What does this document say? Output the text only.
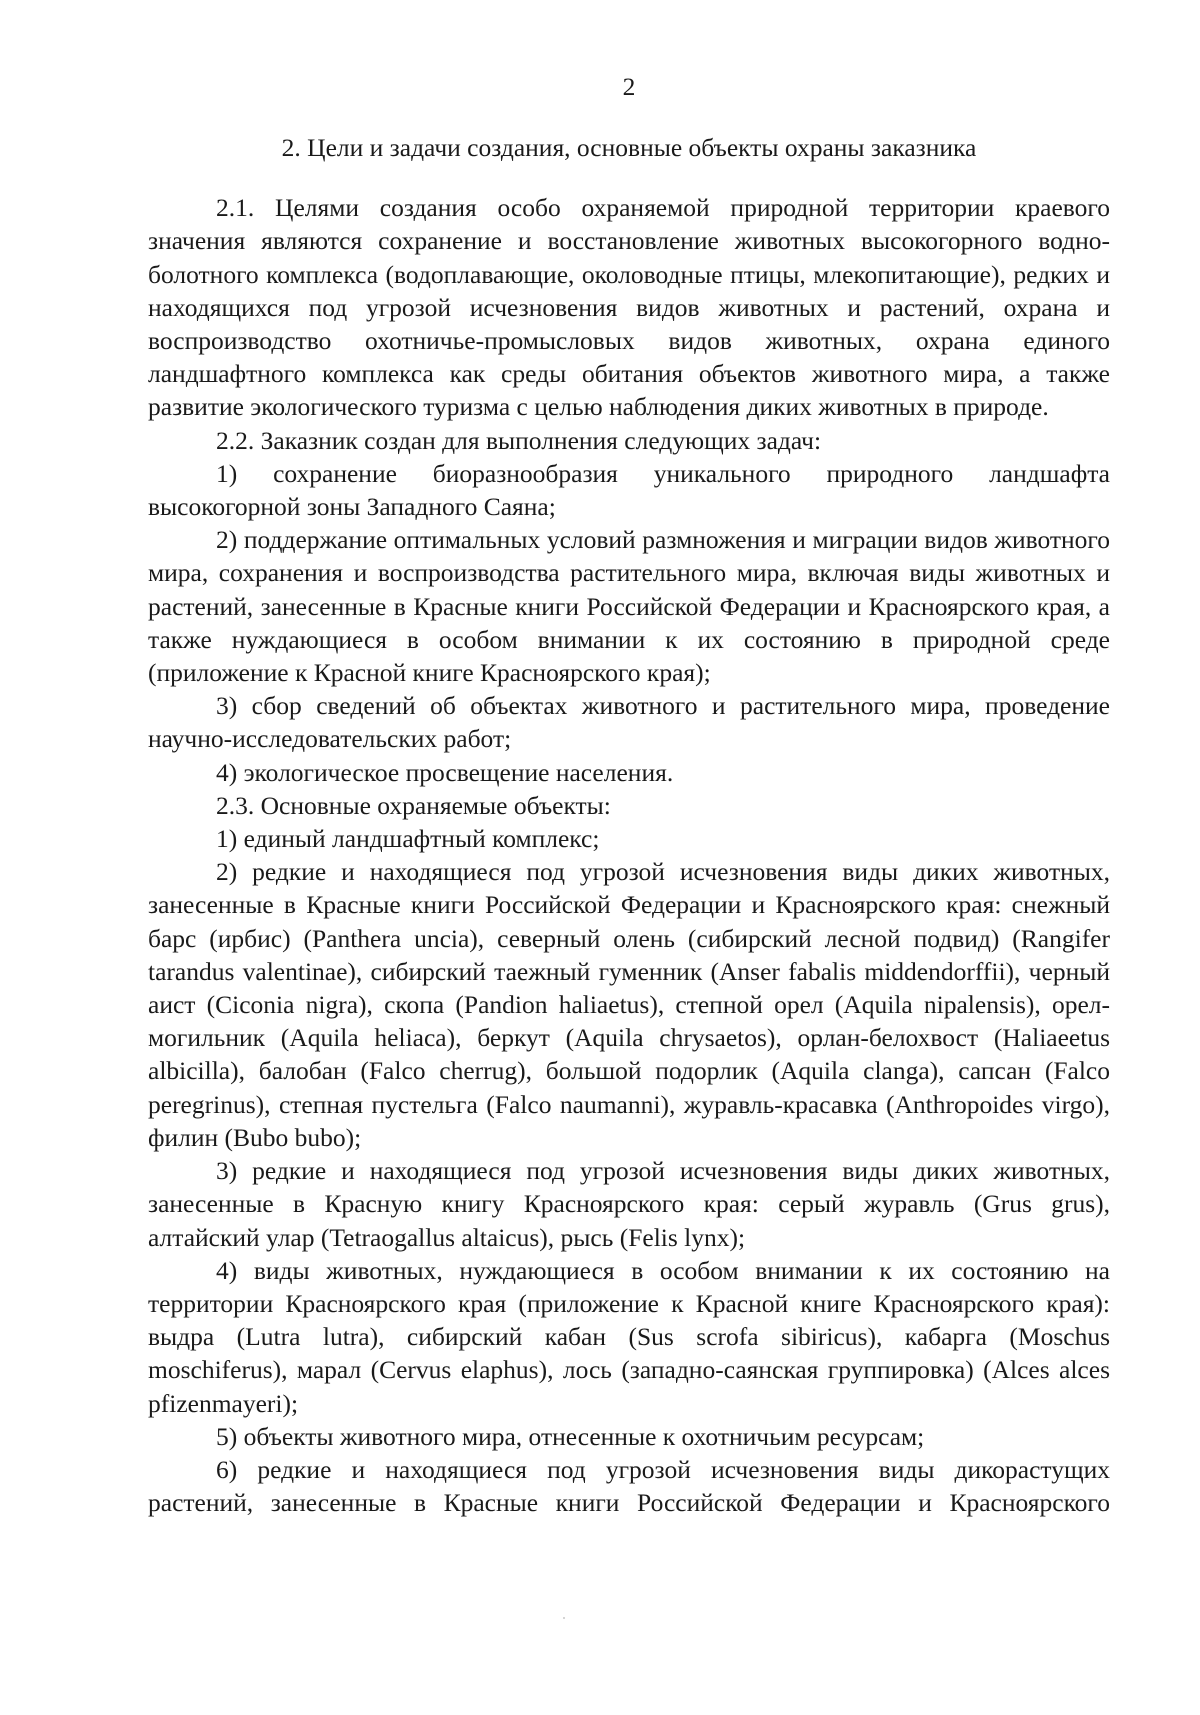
2
2. Цели и задачи создания, основные объекты охраны заказника

2.1. Целями создания особо охраняемой природной территории краевого значения являются сохранение и восстановление животных высокогорного водно-болотного комплекса (водоплавающие, околоводные птицы, млекопитающие), редких и находящихся под угрозой исчезновения видов животных и растений, охрана и воспроизводство охотничье-промысловых видов животных, охрана единого ландшафтного комплекса как среды обитания объектов животного мира, а также развитие экологического туризма с целью наблюдения диких животных в природе.

2.2. Заказник создан для выполнения следующих задач:

1) сохранение биоразнообразия уникального природного ландшафта высокогорной зоны Западного Саяна;

2) поддержание оптимальных условий размножения и миграции видов животного мира, сохранения и воспроизводства растительного мира, включая виды животных и растений, занесенные в Красные книги Российской Федерации и Красноярского края, а также нуждающиеся в особом внимании к их состоянию в природной среде (приложение к Красной книге Красноярского края);

3) сбор сведений об объектах животного и растительного мира, проведение научно-исследовательских работ;

4) экологическое просвещение населения.

2.3. Основные охраняемые объекты:

1) единый ландшафтный комплекс;

2) редкие и находящиеся под угрозой исчезновения виды диких животных, занесенные в Красные книги Российской Федерации и Красноярского края: снежный барс (ирбис) (Panthera uncia), северный олень (сибирский лесной подвид) (Rangifer tarandus valentinae), сибирский таежный гуменник (Anser fabalis middendorffii), черный аист (Ciconia nigra), скопа (Pandion haliaetus), степной орел (Aquila nipalensis), орел-могильник (Aquila heliaca), беркут (Aquila chrysaetos), орлан-белохвост (Haliaeetus albicilla), балобан (Falco cherrug), большой подорлик (Aquila clanga), сапсан (Falco peregrinus), степная пустельга (Falco naumanni), журавль-красавка (Anthropoides virgo), филин (Bubo bubo);

3) редкие и находящиеся под угрозой исчезновения виды диких животных, занесенные в Красную книгу Красноярского края: серый журавль (Grus grus), алтайский улар (Tetraogallus altaicus), рысь (Felis lynx);

4) виды животных, нуждающиеся в особом внимании к их состоянию на территории Красноярского края (приложение к Красной книге Красноярского края): выдра (Lutra lutra), сибирский кабан (Sus scrofa sibiricus), кабарга (Moschus moschiferus), марал (Cervus elaphus), лось (западно-саянская группировка) (Alces alces pfizenmayeri);

5) объекты животного мира, отнесенные к охотничьим ресурсам;

6) редкие и находящиеся под угрозой исчезновения виды дикорастущих растений, занесенные в Красные книги Российской Федерации и Красноярского
